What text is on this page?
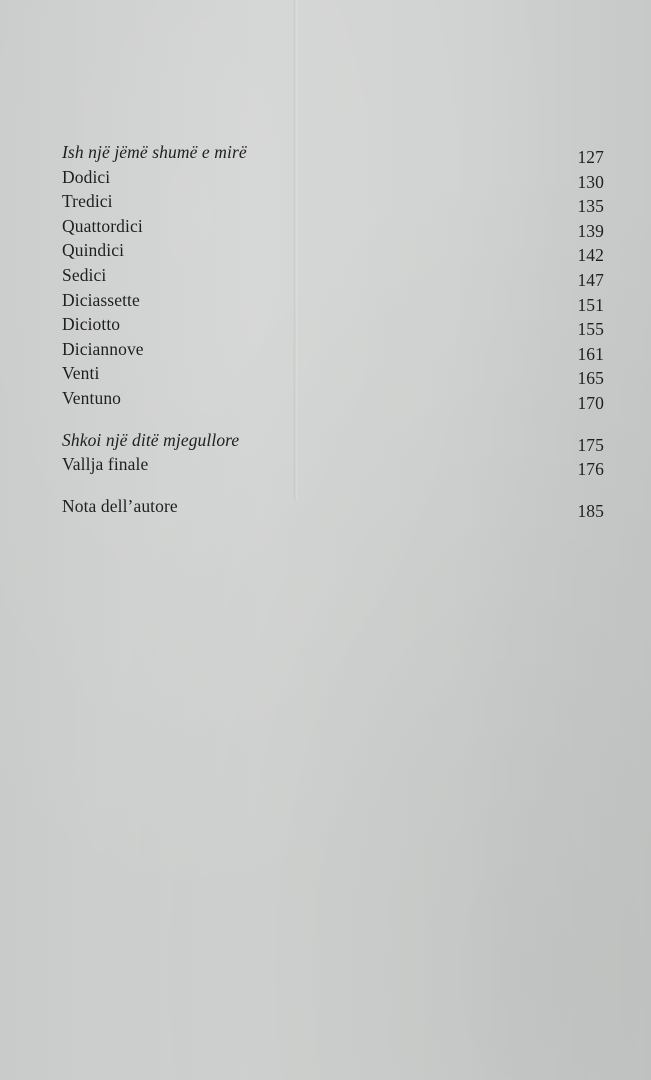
Ish një jëmë shumë e mirë	127
Dodici	130
Tredici	135
Quattordici	139
Quindici	142
Sedici	147
Diciassette	151
Diciotto	155
Diciannove	161
Venti	165
Ventuno	170
Shkoi një ditë mjegullore	175
Vallja finale	176
Nota dell’autore	185
